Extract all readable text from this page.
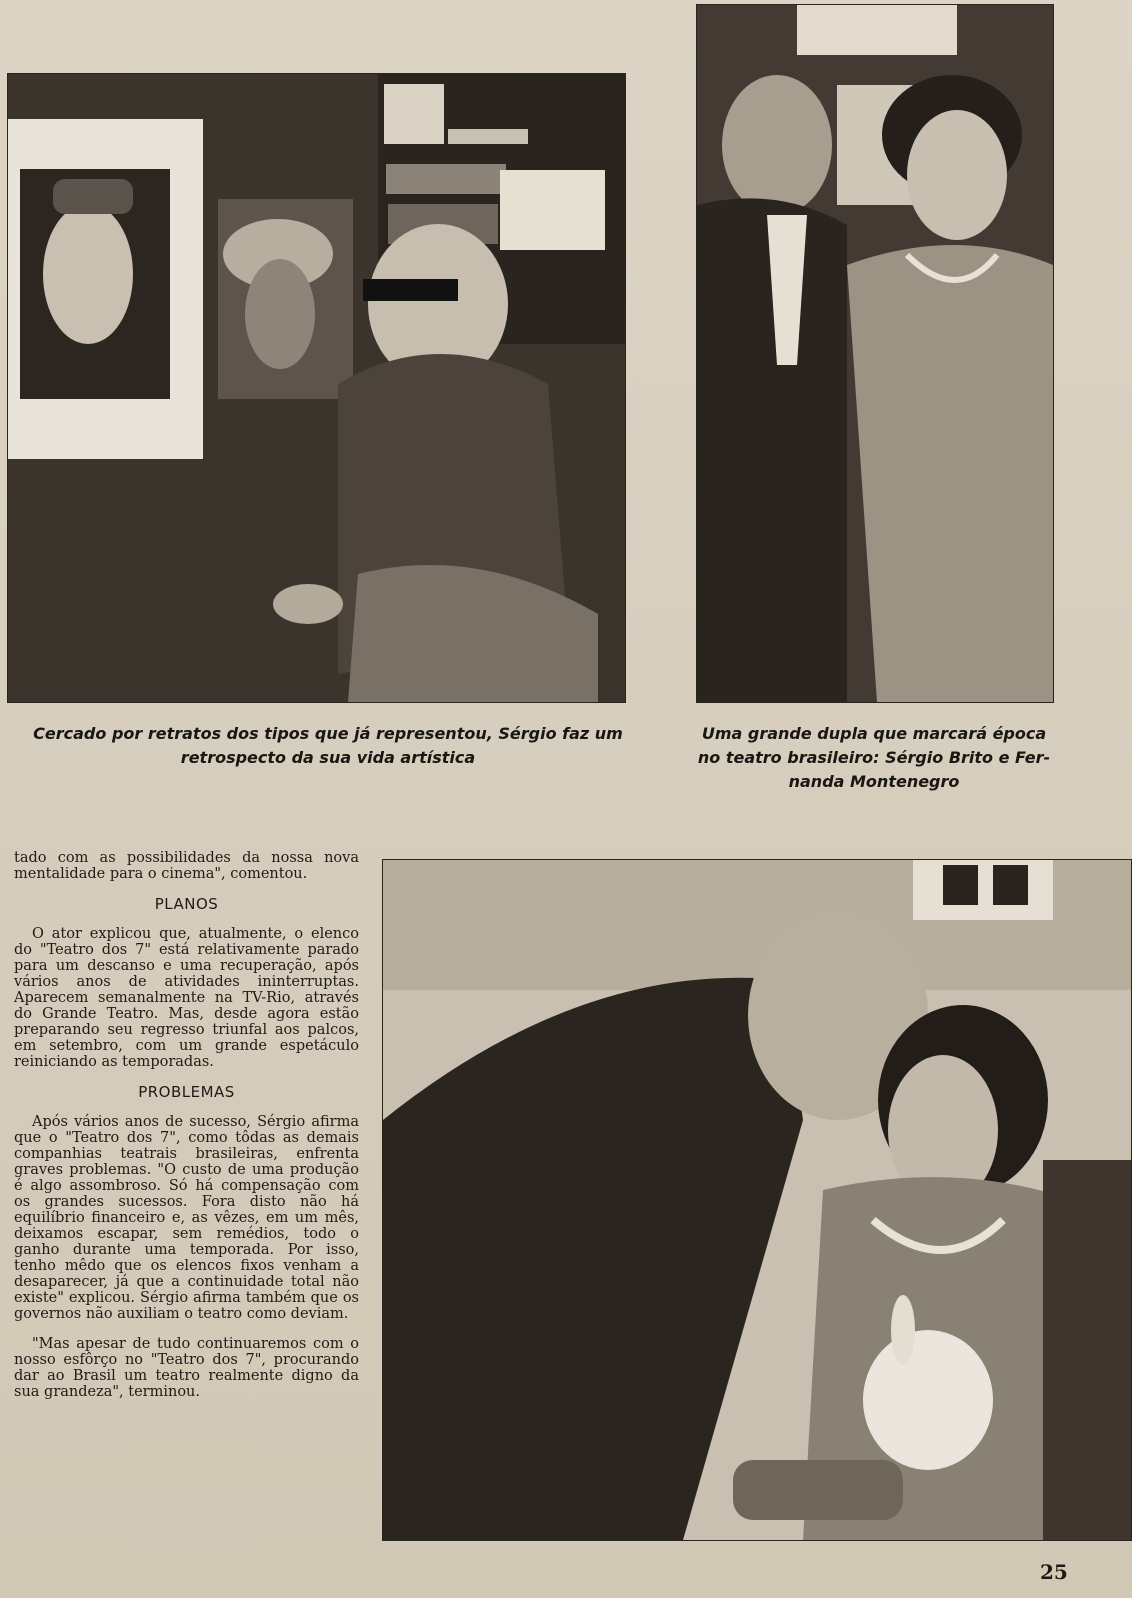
Cercado por retratos dos tipos que já representou, Sérgio faz um
retrospecto da sua vida artística
Uma grande dupla que marcará época
no teatro brasileiro: Sérgio Brito e Fer-
nanda Montenegro

tado com as possibilidades da nossa nova mentalidade para o cinema", comentou.

PLANOS

O ator explicou que, atualmente, o elenco do "Teatro dos 7" está relativamente parado para um descanso e uma recuperação, após vários anos de atividades ininterruptas. Aparecem semanalmente na TV-Rio, através do Grande Teatro. Mas, desde agora estão preparando seu regresso triunfal aos palcos, em setembro, com um grande espetáculo reiniciando as temporadas.

PROBLEMAS

Após vários anos de sucesso, Sérgio afirma que o "Teatro dos 7", como tôdas as demais companhias teatrais brasileiras, enfrenta graves problemas. "O custo de uma produção é algo assombroso. Só há compensação com os grandes sucessos. Fora disto não há equilíbrio financeiro e, as vêzes, em um mês, deixamos escapar, sem remédios, todo o ganho durante uma temporada. Por isso, tenho mêdo que os elencos fixos venham a desaparecer, já que a continuidade total não existe" explicou. Sérgio afirma também que os governos não auxiliam o teatro como deviam.

"Mas apesar de tudo continuaremos com o nosso esfôrço no "Teatro dos 7", procurando dar ao Brasil um teatro realmente digno da sua grandeza", terminou.

25
